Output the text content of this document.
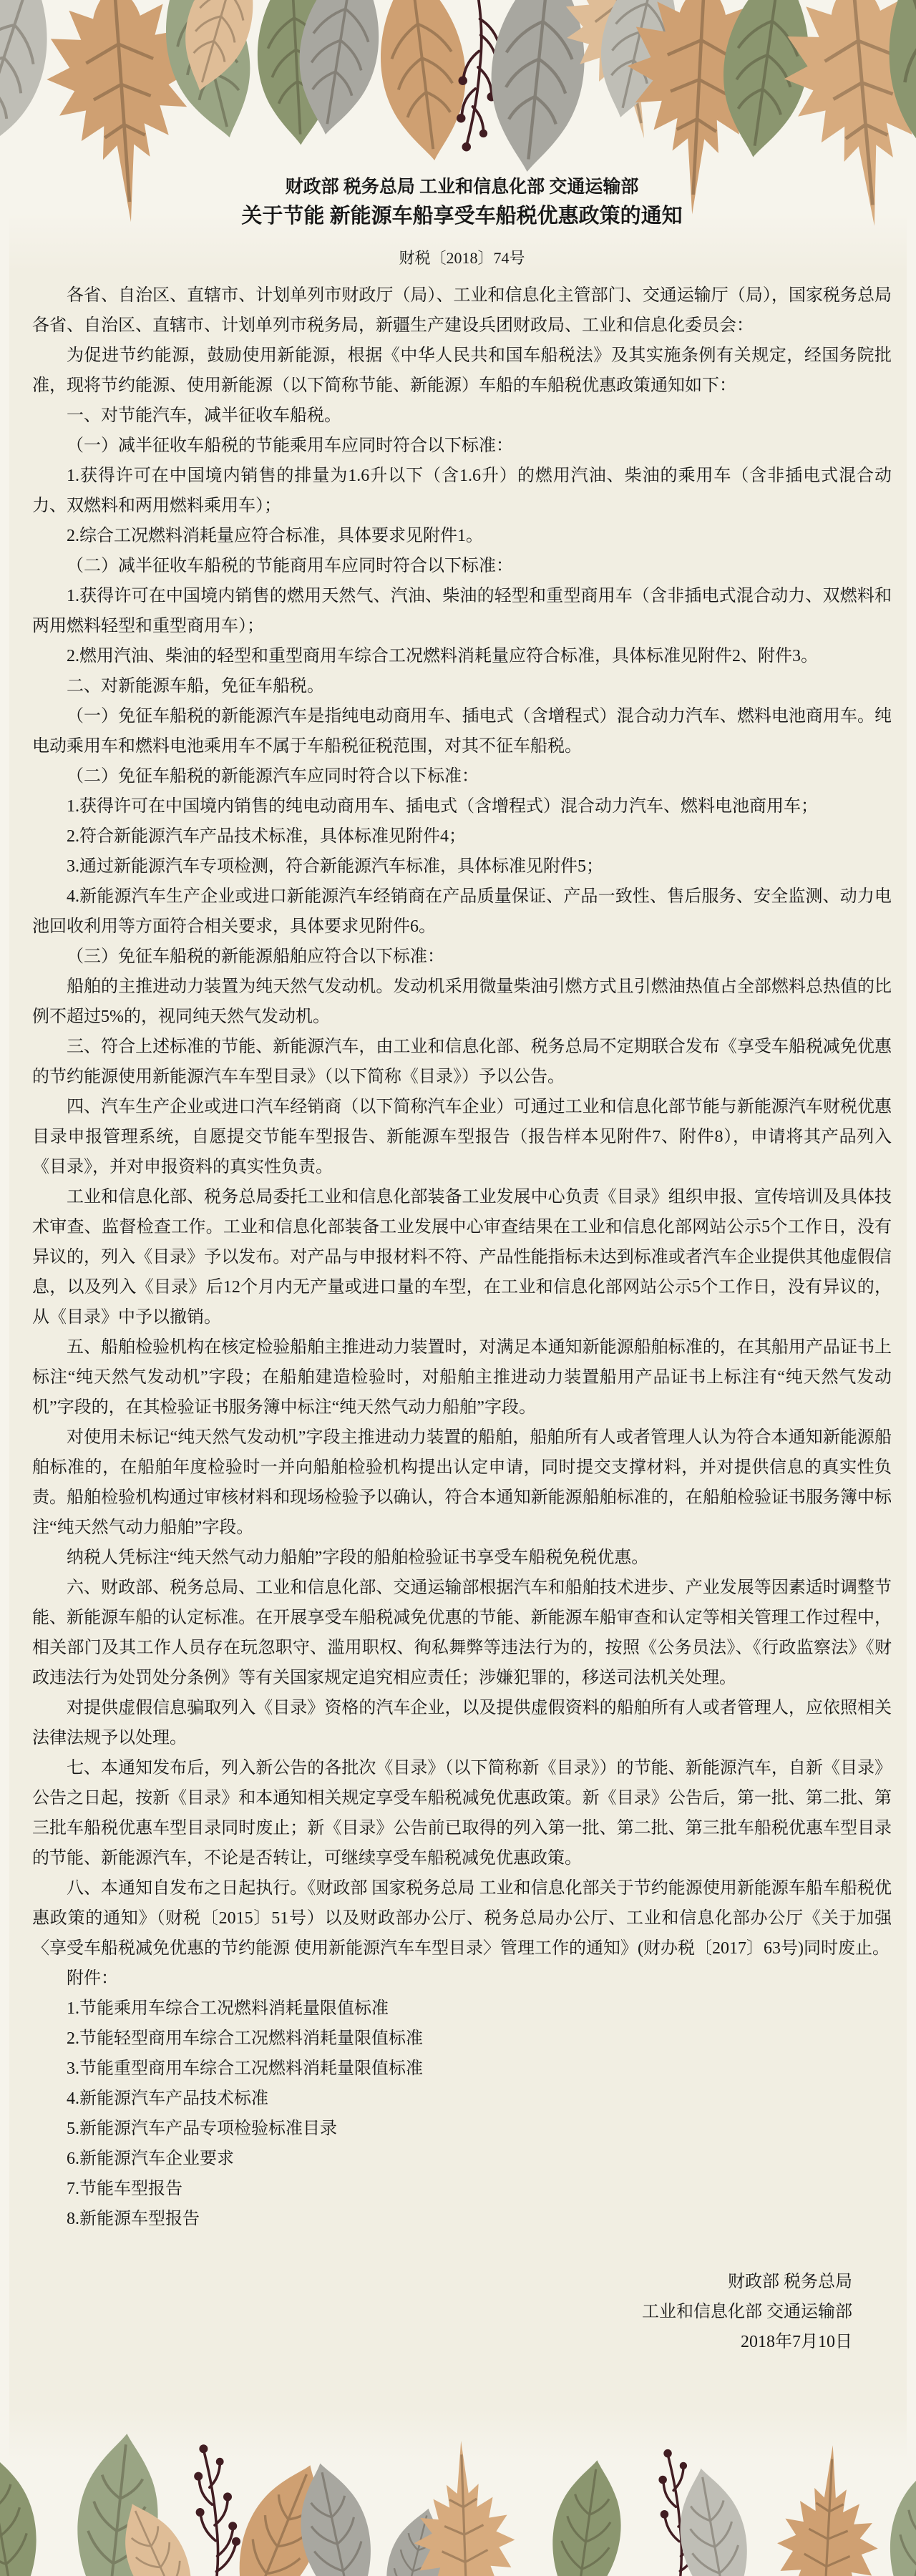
财政部 税务总局 工业和信息化部 交通运输部
关于节能 新能源车船享受车船税优惠政策的通知
财税〔2018〕74号

各省、自治区、直辖市、计划单列市财政厅（局）、工业和信息化主管部门、交通运输厅（局），国家税务总局各省、自治区、直辖市、计划单列市税务局，新疆生产建设兵团财政局、工业和信息化委员会：

为促进节约能源，鼓励使用新能源，根据《中华人民共和国车船税法》及其实施条例有关规定，经国务院批准，现将节约能源、使用新能源（以下简称节能、新能源）车船的车船税优惠政策通知如下：

一、对节能汽车，减半征收车船税。

（一）减半征收车船税的节能乘用车应同时符合以下标准：

1.获得许可在中国境内销售的排量为1.6升以下（含1.6升）的燃用汽油、柴油的乘用车（含非插电式混合动力、双燃料和两用燃料乘用车）；

2.综合工况燃料消耗量应符合标准，具体要求见附件1。

（二）减半征收车船税的节能商用车应同时符合以下标准：

1.获得许可在中国境内销售的燃用天然气、汽油、柴油的轻型和重型商用车（含非插电式混合动力、双燃料和两用燃料轻型和重型商用车）；

2.燃用汽油、柴油的轻型和重型商用车综合工况燃料消耗量应符合标准，具体标准见附件2、附件3。

二、对新能源车船，免征车船税。

（一）免征车船税的新能源汽车是指纯电动商用车、插电式（含增程式）混合动力汽车、燃料电池商用车。纯电动乘用车和燃料电池乘用车不属于车船税征税范围，对其不征车船税。

（二）免征车船税的新能源汽车应同时符合以下标准：

1.获得许可在中国境内销售的纯电动商用车、插电式（含增程式）混合动力汽车、燃料电池商用车；

2.符合新能源汽车产品技术标准，具体标准见附件4；

3.通过新能源汽车专项检测，符合新能源汽车标准，具体标准见附件5；

4.新能源汽车生产企业或进口新能源汽车经销商在产品质量保证、产品一致性、售后服务、安全监测、动力电池回收利用等方面符合相关要求，具体要求见附件6。

（三）免征车船税的新能源船舶应符合以下标准：

船舶的主推进动力装置为纯天然气发动机。发动机采用微量柴油引燃方式且引燃油热值占全部燃料总热值的比例不超过5%的，视同纯天然气发动机。

三、符合上述标准的节能、新能源汽车，由工业和信息化部、税务总局不定期联合发布《享受车船税减免优惠的节约能源使用新能源汽车车型目录》（以下简称《目录》）予以公告。

四、汽车生产企业或进口汽车经销商（以下简称汽车企业）可通过工业和信息化部节能与新能源汽车财税优惠目录申报管理系统，自愿提交节能车型报告、新能源车型报告（报告样本见附件7、附件8），申请将其产品列入《目录》，并对申报资料的真实性负责。

工业和信息化部、税务总局委托工业和信息化部装备工业发展中心负责《目录》组织申报、宣传培训及具体技术审查、监督检查工作。工业和信息化部装备工业发展中心审查结果在工业和信息化部网站公示5个工作日，没有异议的，列入《目录》予以发布。对产品与申报材料不符、产品性能指标未达到标准或者汽车企业提供其他虚假信息，以及列入《目录》后12个月内无产量或进口量的车型，在工业和信息化部网站公示5个工作日，没有异议的，从《目录》中予以撤销。

五、船舶检验机构在核定检验船舶主推进动力装置时，对满足本通知新能源船舶标准的，在其船用产品证书上标注“纯天然气发动机”字段；在船舶建造检验时，对船舶主推进动力装置船用产品证书上标注有“纯天然气发动机”字段的，在其检验证书服务簿中标注“纯天然气动力船舶”字段。

对使用未标记“纯天然气发动机”字段主推进动力装置的船舶，船舶所有人或者管理人认为符合本通知新能源船舶标准的，在船舶年度检验时一并向船舶检验机构提出认定申请，同时提交支撑材料，并对提供信息的真实性负责。船舶检验机构通过审核材料和现场检验予以确认，符合本通知新能源船舶标准的，在船舶检验证书服务簿中标注“纯天然气动力船舶”字段。

纳税人凭标注“纯天然气动力船舶”字段的船舶检验证书享受车船税免税优惠。

六、财政部、税务总局、工业和信息化部、交通运输部根据汽车和船舶技术进步、产业发展等因素适时调整节能、新能源车船的认定标准。在开展享受车船税减免优惠的节能、新能源车船审查和认定等相关管理工作过程中，相关部门及其工作人员存在玩忽职守、滥用职权、徇私舞弊等违法行为的，按照《公务员法》、《行政监察法》《财政违法行为处罚处分条例》等有关国家规定追究相应责任；涉嫌犯罪的，移送司法机关处理。

对提供虚假信息骗取列入《目录》资格的汽车企业，以及提供虚假资料的船舶所有人或者管理人，应依照相关法律法规予以处理。

七、本通知发布后，列入新公告的各批次《目录》（以下简称新《目录》）的节能、新能源汽车，自新《目录》公告之日起，按新《目录》和本通知相关规定享受车船税减免优惠政策。新《目录》公告后，第一批、第二批、第三批车船税优惠车型目录同时废止；新《目录》公告前已取得的列入第一批、第二批、第三批车船税优惠车型目录的节能、新能源汽车，不论是否转让，可继续享受车船税减免优惠政策。

八、本通知自发布之日起执行。《财政部 国家税务总局 工业和信息化部关于节约能源使用新能源车船车船税优惠政策的通知》（财税〔2015〕51号）以及财政部办公厅、税务总局办公厅、工业和信息化部办公厅《关于加强〈享受车船税减免优惠的节约能源 使用新能源汽车车型目录〉管理工作的通知》(财办税〔2017〕63号)同时废止。

附件：

1.节能乘用车综合工况燃料消耗量限值标准

2.节能轻型商用车综合工况燃料消耗量限值标准

3.节能重型商用车综合工况燃料消耗量限值标准

4.新能源汽车产品技术标准

5.新能源汽车产品专项检验标准目录

6.新能源汽车企业要求

7.节能车型报告

8.新能源车型报告

财政部 税务总局
工业和信息化部 交通运输部
2018年7月10日
